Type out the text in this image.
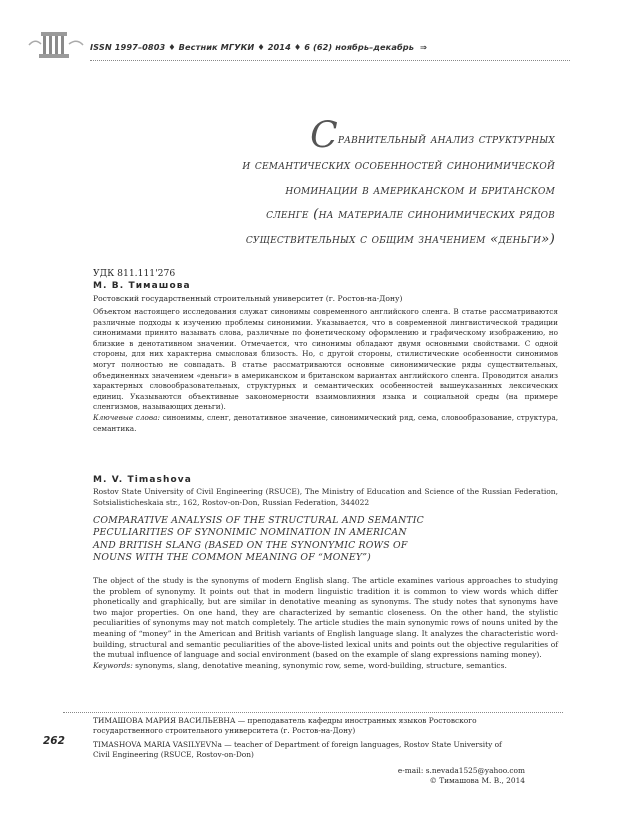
ISSN 1997–0803 ♦ Вестник МГУКИ ♦ 2014 ♦ 6 (62) ноябрь–декабрь ⇒
Сравнительный анализ структурных
и семантических особенностей синонимической
номинации в американском и британском
сленге (на материале синонимических рядов
существительных с общим значением «деньги»)
УДК 811.111'276
М. В. Тимашова
Ростовский государственный строительный университет (г. Ростов-на-Дону)

Объектом настоящего исследования служат синонимы современного английского сленга. В статье рассматриваются различные подходы к изучению проблемы синонимии. Указывается, что в современной лингвистической традиции синонимами принято называть слова, различные по фонетическому оформлению и графическому изображению, но близкие в денотативном значении. Отмечается, что синонимы обладают двумя основными свойствами. С одной стороны, для них характерна смысловая близость. Но, с другой стороны, стилистические особенности синонимов могут полностью не совпадать. В статье рассматриваются основные синонимические ряды существительных, объединенных значением «деньги» в американском и британском вариантах английского сленга. Проводится анализ характерных словообразовательных, структурных и семантических особенностей вышеуказанных лексических единиц. Указываются объективные закономерности взаимовлияния языка и социальной среды (на примере сленгизмов, называющих деньги).

Ключевые слова: синонимы, сленг, денотативное значение, синонимический ряд, сема, словообразование, структура, семантика.

M. V. Timashova
Rostov State University of Civil Engineering (RSUCE), The Ministry of Education and Science of the Russian Federation, Sotsialisticheskaia str., 162, Rostov-on-Don, Russian Federation, 344022
COMPARATIVE ANALYSIS OF THE STRUCTURAL AND SEMANTIC
PECULIARITIES OF SYNONIMIC NOMINATION IN AMERICAN
AND BRITISH SLANG (BASED ON THE SYNONYMIC ROWS OF
NOUNS WITH THE COMMON MEANING OF “MONEY”)

The object of the study is the synonyms of modern English slang. The article examines various approaches to studying the problem of synonymy. It points out that in modern linguistic tradition it is common to view words which differ phonetically and graphically, but are similar in denotative meaning as synonyms. The study notes that synonyms have two major properties. On one hand, they are characterized by semantic closeness. On the other hand, the stylistic peculiarities of synonyms may not match completely. The article studies the main synonymic rows of nouns united by the meaning of “money” in the American and British variants of English language slang. It analyzes the characteristic word-building, structural and semantic peculiarities of the above-listed lexical units and points out the objective regularities of the mutual influence of language and social environment (based on the example of slang expressions naming money).

Keywords: synonyms, slang, denotative meaning, synonymic row, seme, word-building, structure, semantics.

ТИМАШОВА МАРИЯ ВАСИЛЬЕВНА — преподаватель кафедры иностранных языков Ростовского государственного строительного университета (г. Ростов-на-Дону)
TIMASHOVA MARIA VASILYEVNa — teacher of Department of foreign languages, Rostov State University of Civil Engineering (RSUCE, Rostov-on-Don)
262
e-mail: s.nevada1525@yahoo.com
© Тимашова М. В., 2014
